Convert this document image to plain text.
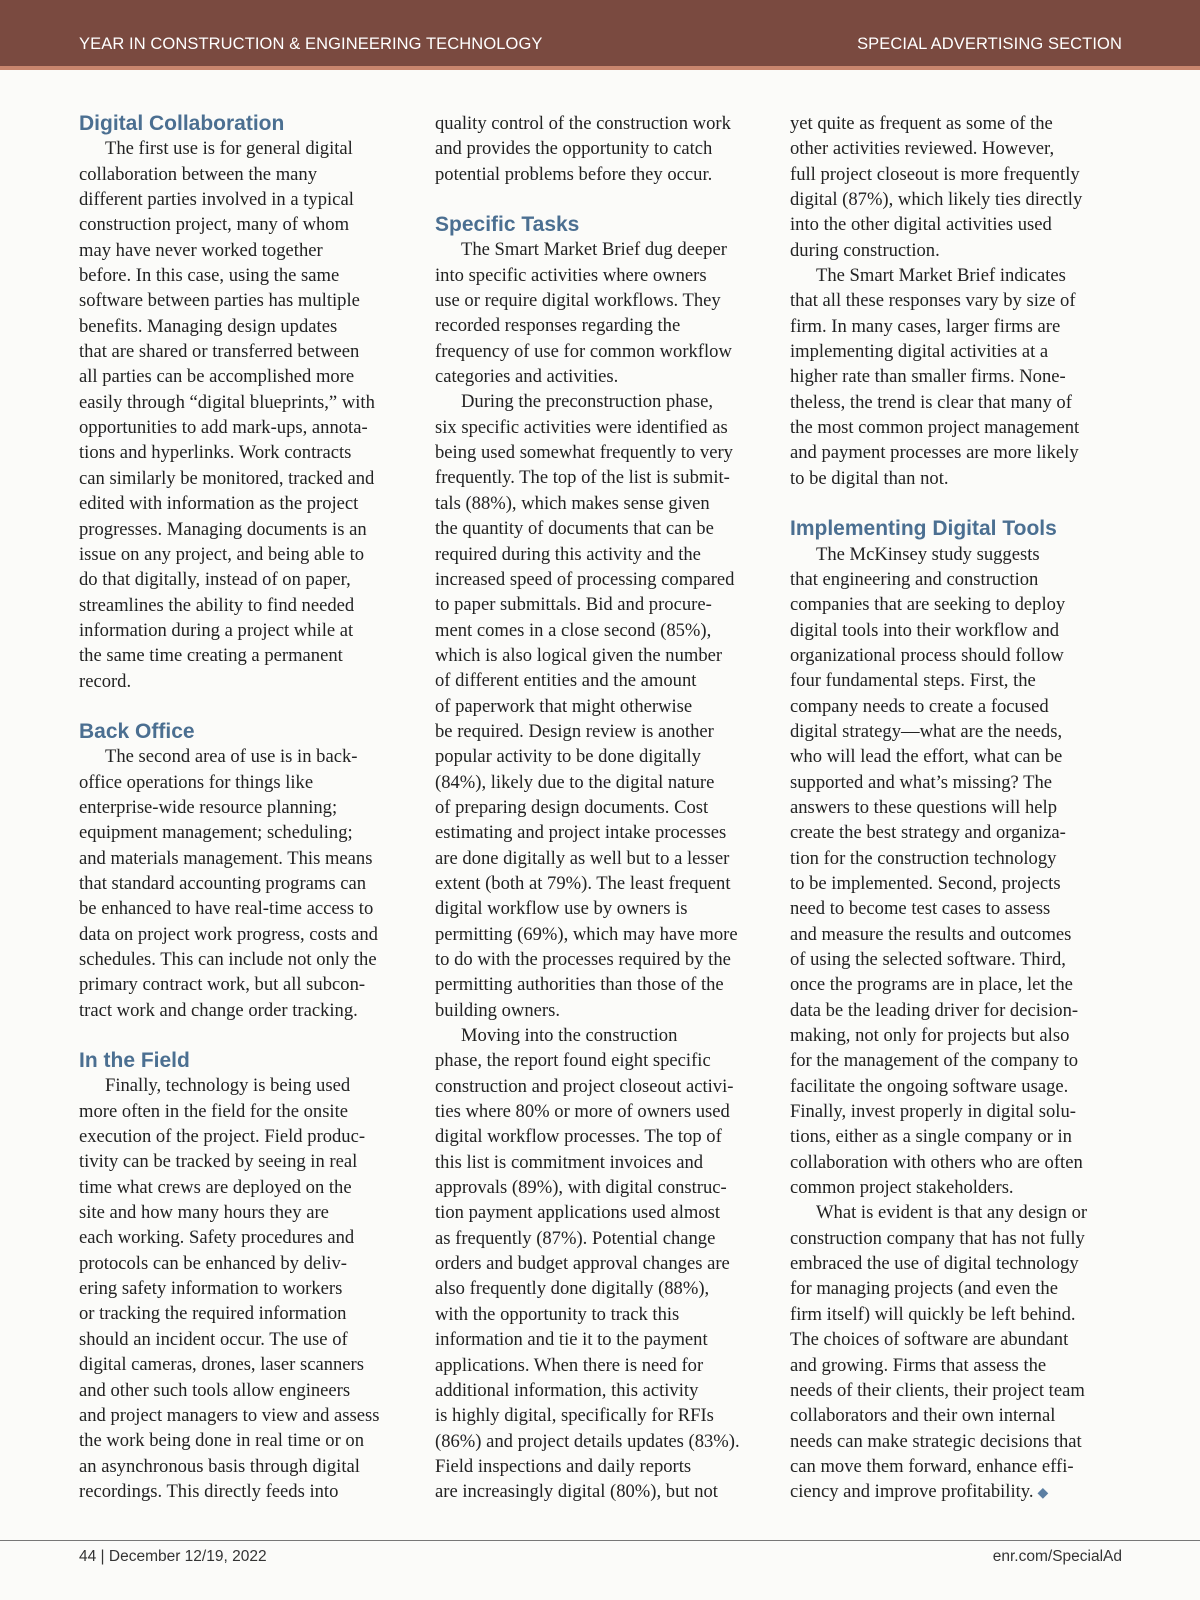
YEAR IN CONSTRUCTION & ENGINEERING TECHNOLOGY	SPECIAL ADVERTISING SECTION
Digital Collaboration
The first use is for general digital
collaboration between the many
different parties involved in a typical
construction project, many of whom
may have never worked together
before. In this case, using the same
software between parties has multiple
benefits. Managing design updates
that are shared or transferred between
all parties can be accomplished more
easily through “digital blueprints,” with
opportunities to add mark-ups, annota-
tions and hyperlinks. Work contracts
can similarly be monitored, tracked and
edited with information as the project
progresses. Managing documents is an
issue on any project, and being able to
do that digitally, instead of on paper,
streamlines the ability to find needed
information during a project while at
the same time creating a permanent
record.
Back Office
The second area of use is in back-
office operations for things like
enterprise-wide resource planning;
equipment management; scheduling;
and materials management. This means
that standard accounting programs can
be enhanced to have real-time access to
data on project work progress, costs and
schedules. This can include not only the
primary contract work, but all subcon-
tract work and change order tracking.
In the Field
Finally, technology is being used
more often in the field for the onsite
execution of the project. Field produc-
tivity can be tracked by seeing in real
time what crews are deployed on the
site and how many hours they are
each working. Safety procedures and
protocols can be enhanced by deliv-
ering safety information to workers
or tracking the required information
should an incident occur. The use of
digital cameras, drones, laser scanners
and other such tools allow engineers
and project managers to view and assess
the work being done in real time or on
an asynchronous basis through digital
recordings. This directly feeds into
quality control of the construction work
and provides the opportunity to catch
potential problems before they occur.
Specific Tasks
The Smart Market Brief dug deeper
into specific activities where owners
use or require digital workflows. They
recorded responses regarding the
frequency of use for common workflow
categories and activities.
During the preconstruction phase,
six specific activities were identified as
being used somewhat frequently to very
frequently. The top of the list is submit-
tals (88%), which makes sense given
the quantity of documents that can be
required during this activity and the
increased speed of processing compared
to paper submittals. Bid and procure-
ment comes in a close second (85%),
which is also logical given the number
of different entities and the amount
of paperwork that might otherwise
be required. Design review is another
popular activity to be done digitally
(84%), likely due to the digital nature
of preparing design documents. Cost
estimating and project intake processes
are done digitally as well but to a lesser
extent (both at 79%). The least frequent
digital workflow use by owners is
permitting (69%), which may have more
to do with the processes required by the
permitting authorities than those of the
building owners.
Moving into the construction
phase, the report found eight specific
construction and project closeout activi-
ties where 80% or more of owners used
digital workflow processes. The top of
this list is commitment invoices and
approvals (89%), with digital construc-
tion payment applications used almost
as frequently (87%). Potential change
orders and budget approval changes are
also frequently done digitally (88%),
with the opportunity to track this
information and tie it to the payment
applications. When there is need for
additional information, this activity
is highly digital, specifically for RFIs
(86%) and project details updates (83%).
Field inspections and daily reports
are increasingly digital (80%), but not
yet quite as frequent as some of the
other activities reviewed. However,
full project closeout is more frequently
digital (87%), which likely ties directly
into the other digital activities used
during construction.
The Smart Market Brief indicates
that all these responses vary by size of
firm. In many cases, larger firms are
implementing digital activities at a
higher rate than smaller firms. None-
theless, the trend is clear that many of
the most common project management
and payment processes are more likely
to be digital than not.
Implementing Digital Tools
The McKinsey study suggests
that engineering and construction
companies that are seeking to deploy
digital tools into their workflow and
organizational process should follow
four fundamental steps. First, the
company needs to create a focused
digital strategy—what are the needs,
who will lead the effort, what can be
supported and what’s missing? The
answers to these questions will help
create the best strategy and organiza-
tion for the construction technology
to be implemented. Second, projects
need to become test cases to assess
and measure the results and outcomes
of using the selected software. Third,
once the programs are in place, let the
data be the leading driver for decision-
making, not only for projects but also
for the management of the company to
facilitate the ongoing software usage.
Finally, invest properly in digital solu-
tions, either as a single company or in
collaboration with others who are often
common project stakeholders.
What is evident is that any design or
construction company that has not fully
embraced the use of digital technology
for managing projects (and even the
firm itself) will quickly be left behind.
The choices of software are abundant
and growing. Firms that assess the
needs of their clients, their project team
collaborators and their own internal
needs can make strategic decisions that
can move them forward, enhance effi-
ciency and improve profitability. ◆
44 | December 12/19, 2022	enr.com/SpecialAd
